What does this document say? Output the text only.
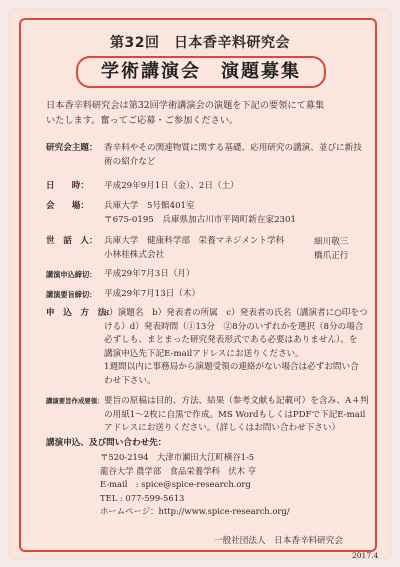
第32回　日本香辛料研究会
学術講演会　演題募集
日本香辛料研究会は第32回学術講演会の演題を下記の要領にて募集
いたします。奮ってご応募・ご参加ください。
研究会主題： 香辛料やその関連物質に関する基礎、応用研究の講演、並びに新技
術の紹介など
日　　時： 平成29年9月1日（金）、2日（土）
会　　場： 兵庫大学　5号館401室
〒675-0195　兵庫県加古川市平岡町新在家2301
世　話　人： 兵庫大学　健康科学部　栄養マネジメント学科
小林桂株式会社
細川敬三
橋爪正行
講演申込締切： 平成29年7月3日（月）
講演要旨締切： 平成29年7月13日（木）
申　込　方　法：
a）演題名　b）発表者の所属　c）発表者の氏名（講演者に○印をつ
ける）d）発表時間（①13分　②8分のいずれかを選択（8分の場合
必ずしも、まとまった研究発表形式である必要はありません）。を
講演申込先下記E-mailアドレスにお送りください。
1週間以内に事務局から演題受領の連絡がない場合は必ずお問い合
わせ下さい。
講演要旨作成要領： 要旨の原稿は目的、方法、結果（参考文献も記載可）を含み、A４判
の用紙1～2枚に自黒で作成。MS WordもしくはPDFで下記E-mail
アドレスにお送りください。（詳しくはお問い合わせ下さい）
講演申込、及び問い合わせ先：
〒520-2194　大津市瀬田大江町横谷1-5
龍谷大学 農学部　食品栄養学科　伏木 亨
E-mail　: spice@spice-research.org
TEL : 077-599-5613
ホームページ：http://www.spice-research.org/
一般社団法人　日本香辛料研究会
2017.4
